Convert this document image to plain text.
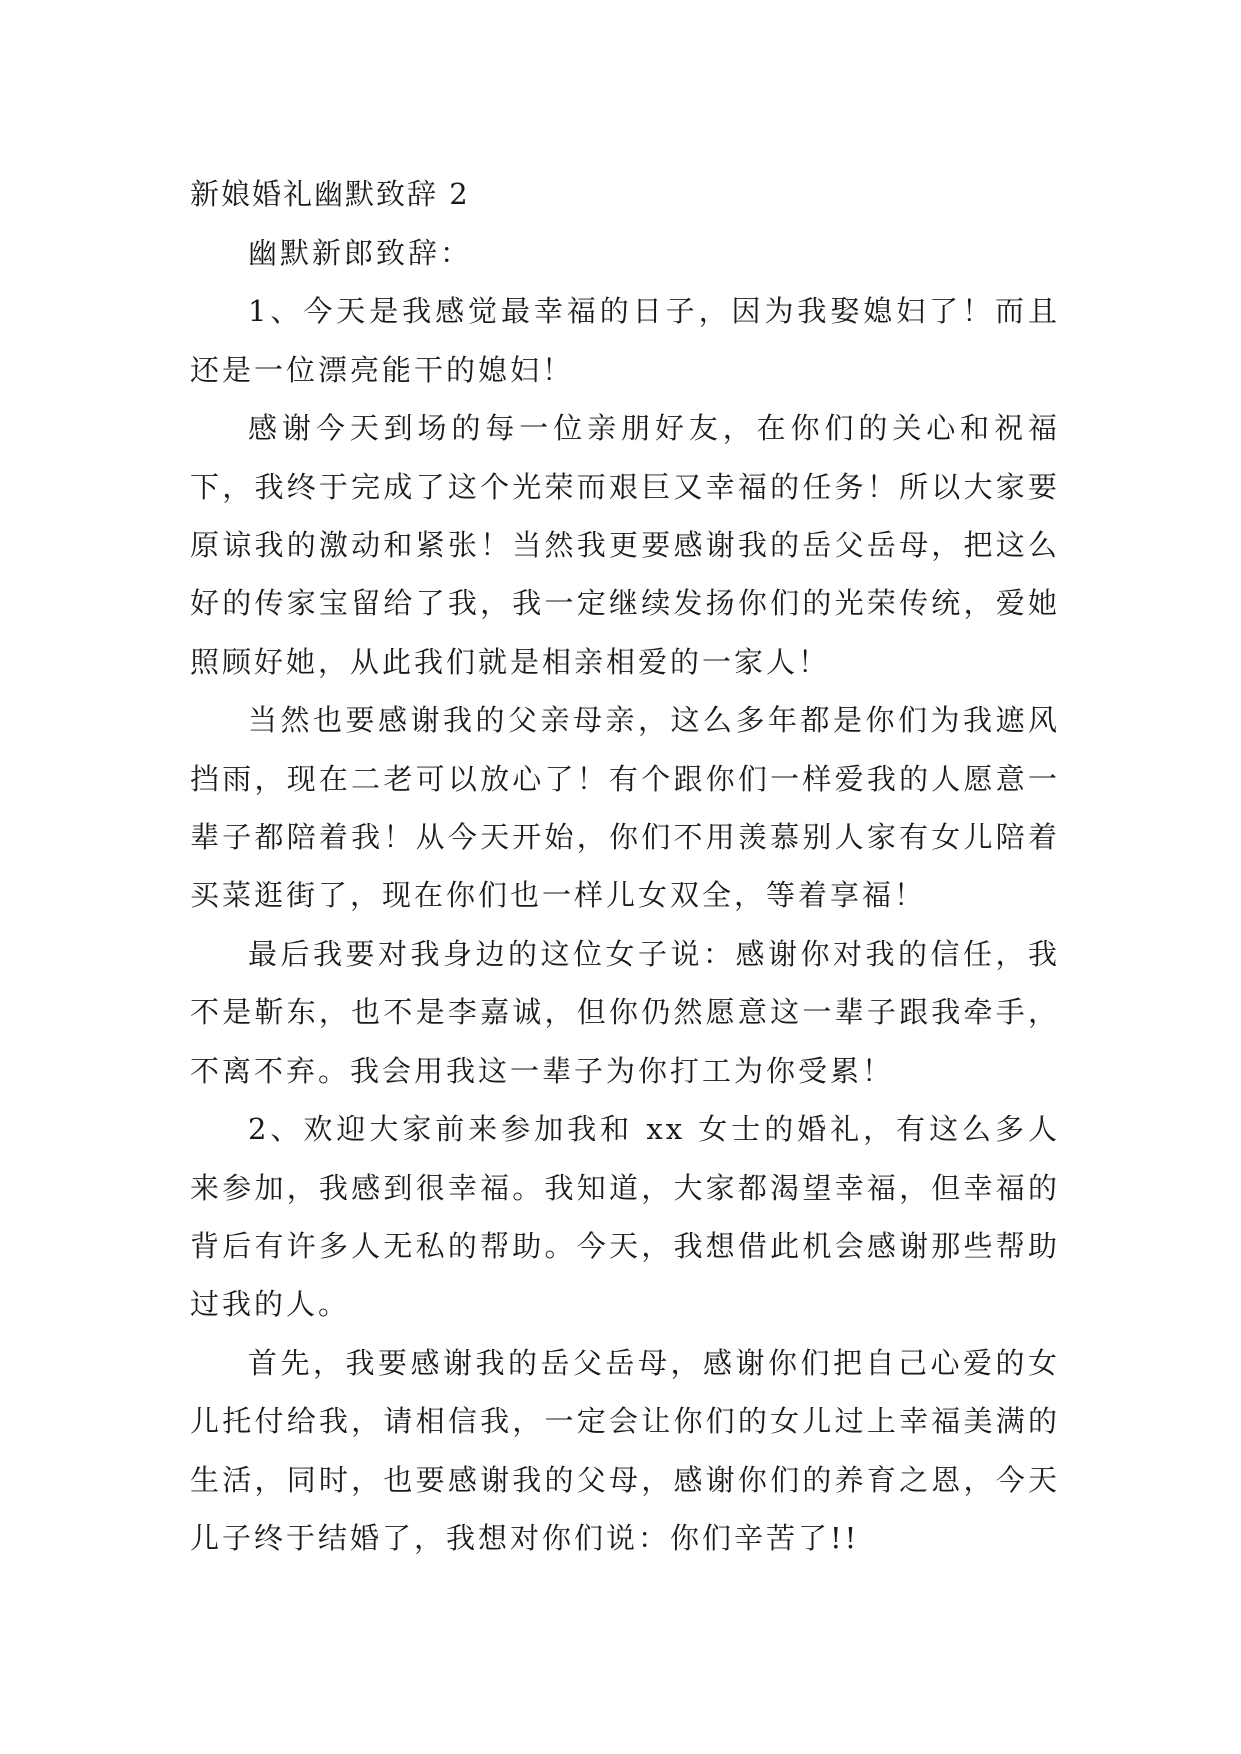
新娘婚礼幽默致辞 2

幽默新郎致辞：

1、今天是我感觉最幸福的日子，因为我娶媳妇了！而且还是一位漂亮能干的媳妇！

感谢今天到场的每一位亲朋好友，在你们的关心和祝福下，我终于完成了这个光荣而艰巨又幸福的任务！所以大家要原谅我的激动和紧张！当然我更要感谢我的岳父岳母，把这么好的传家宝留给了我，我一定继续发扬你们的光荣传统，爱她照顾好她，从此我们就是相亲相爱的一家人！

当然也要感谢我的父亲母亲，这么多年都是你们为我遮风挡雨，现在二老可以放心了！有个跟你们一样爱我的人愿意一辈子都陪着我！从今天开始，你们不用羡慕别人家有女儿陪着买菜逛街了，现在你们也一样儿女双全，等着享福！

最后我要对我身边的这位女子说：感谢你对我的信任，我不是靳东，也不是李嘉诚，但你仍然愿意这一辈子跟我牵手，不离不弃。我会用我这一辈子为你打工为你受累！

2、欢迎大家前来参加我和 xx 女士的婚礼，有这么多人来参加，我感到很幸福。我知道，大家都渴望幸福，但幸福的背后有许多人无私的帮助。今天，我想借此机会感谢那些帮助过我的人。

首先，我要感谢我的岳父岳母，感谢你们把自己心爱的女儿托付给我，请相信我，一定会让你们的女儿过上幸福美满的生活，同时，也要感谢我的父母，感谢你们的养育之恩，今天儿子终于结婚了，我想对你们说：你们辛苦了!!
